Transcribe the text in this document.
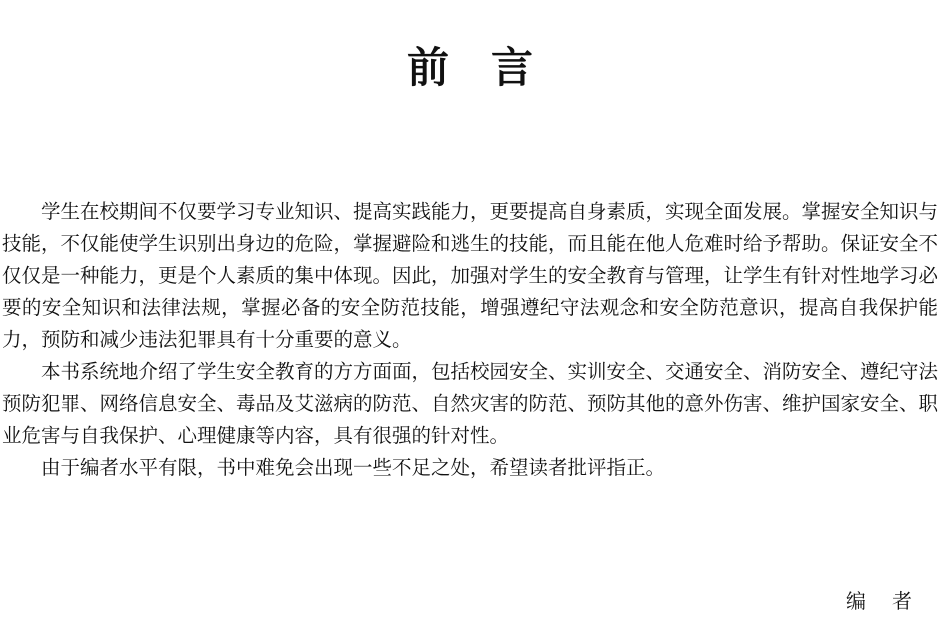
前言

学生在校期间不仅要学习专业知识、提高实践能力，更要提高自身素质，实现全面发展。掌握安全知识与技能，不仅能使学生识别出身边的危险，掌握避险和逃生的技能，而且能在他人危难时给予帮助。保证安全不仅仅是一种能力，更是个人素质的集中体现。因此，加强对学生的安全教育与管理，让学生有针对性地学习必要的安全知识和法律法规，掌握必备的安全防范技能，增强遵纪守法观念和安全防范意识，提高自我保护能力，预防和减少违法犯罪具有十分重要的意义。

本书系统地介绍了学生安全教育的方方面面，包括校园安全、实训安全、交通安全、消防安全、遵纪守法预防犯罪、网络信息安全、毒品及艾滋病的防范、自然灾害的防范、预防其他的意外伤害、维护国家安全、职业危害与自我保护、心理健康等内容，具有很强的针对性。

由于编者水平有限，书中难免会出现一些不足之处，希望读者批评指正。

编者
